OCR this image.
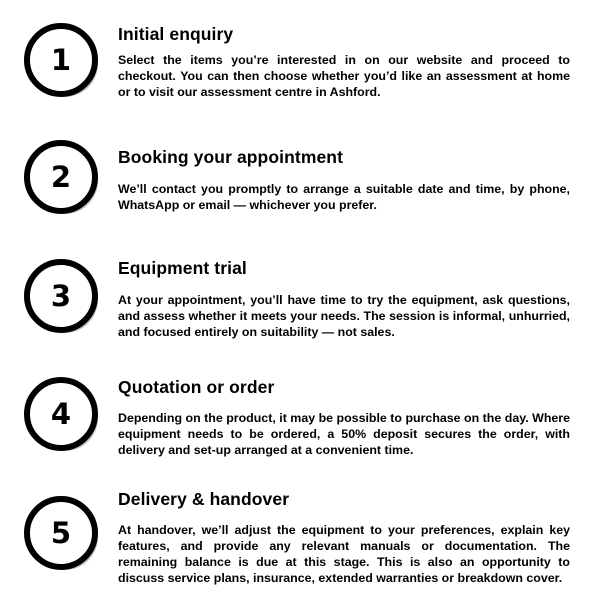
1
Initial enquiry

Select the items you’re interested in on our website and proceed to checkout. You can then choose whether you’d like an assessment at home or to visit our assessment centre in Ashford.

2
Booking your appointment

We’ll contact you promptly to arrange a suitable date and time, by phone, WhatsApp or email — whichever you prefer.

3
Equipment trial

At your appointment, you’ll have time to try the equipment, ask questions, and assess whether it meets your needs. The session is informal, unhurried, and focused entirely on suitability — not sales.

4
Quotation or order

Depending on the product, it may be possible to purchase on the day. Where equipment needs to be ordered, a 50% deposit secures the order, with delivery and set-up arranged at a convenient time.

5
Delivery & handover

At handover, we’ll adjust the equipment to your preferences, explain key features, and provide any relevant manuals or documentation. The remaining balance is due at this stage. This is also an opportunity to discuss service plans, insurance, extended warranties or breakdown cover.
